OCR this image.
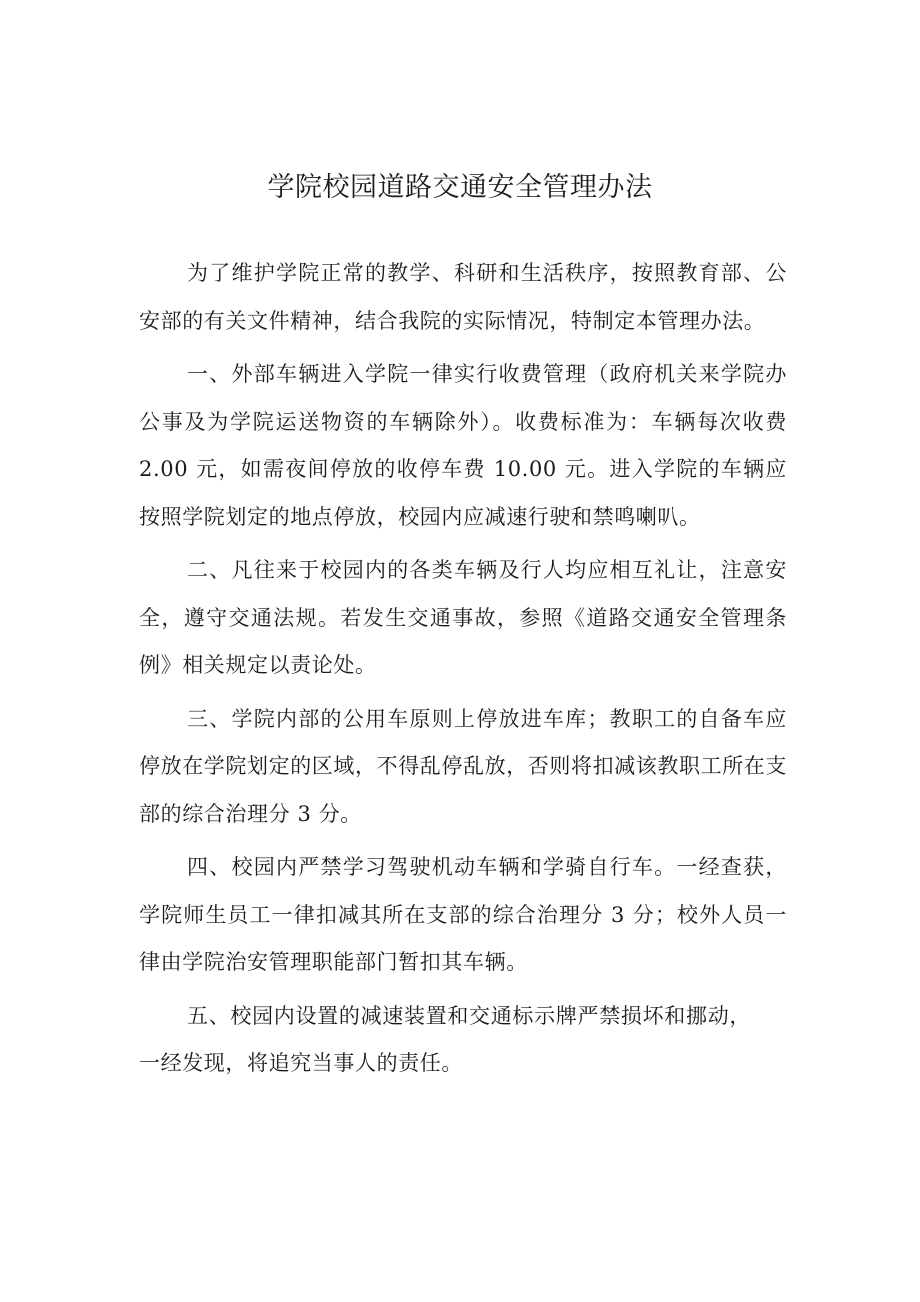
学院校园道路交通安全管理办法

为了维护学院正常的教学、科研和生活秩序，按照教育部、公安部的有关文件精神，结合我院的实际情况，特制定本管理办法。

一、外部车辆进入学院一律实行收费管理（政府机关来学院办公事及为学院运送物资的车辆除外）。收费标准为：车辆每次收费 2.00 元，如需夜间停放的收停车费 10.00 元。进入学院的车辆应按照学院划定的地点停放，校园内应减速行驶和禁鸣喇叭。

二、凡往来于校园内的各类车辆及行人均应相互礼让，注意安全，遵守交通法规。若发生交通事故，参照《道路交通安全管理条例》相关规定以责论处。

三、学院内部的公用车原则上停放进车库；教职工的自备车应停放在学院划定的区域，不得乱停乱放，否则将扣减该教职工所在支部的综合治理分 3 分。

四、校园内严禁学习驾驶机动车辆和学骑自行车。一经查获，学院师生员工一律扣减其所在支部的综合治理分 3 分；校外人员一律由学院治安管理职能部门暂扣其车辆。

五、校园内设置的减速装置和交通标示牌严禁损坏和挪动，一经发现，将追究当事人的责任。
